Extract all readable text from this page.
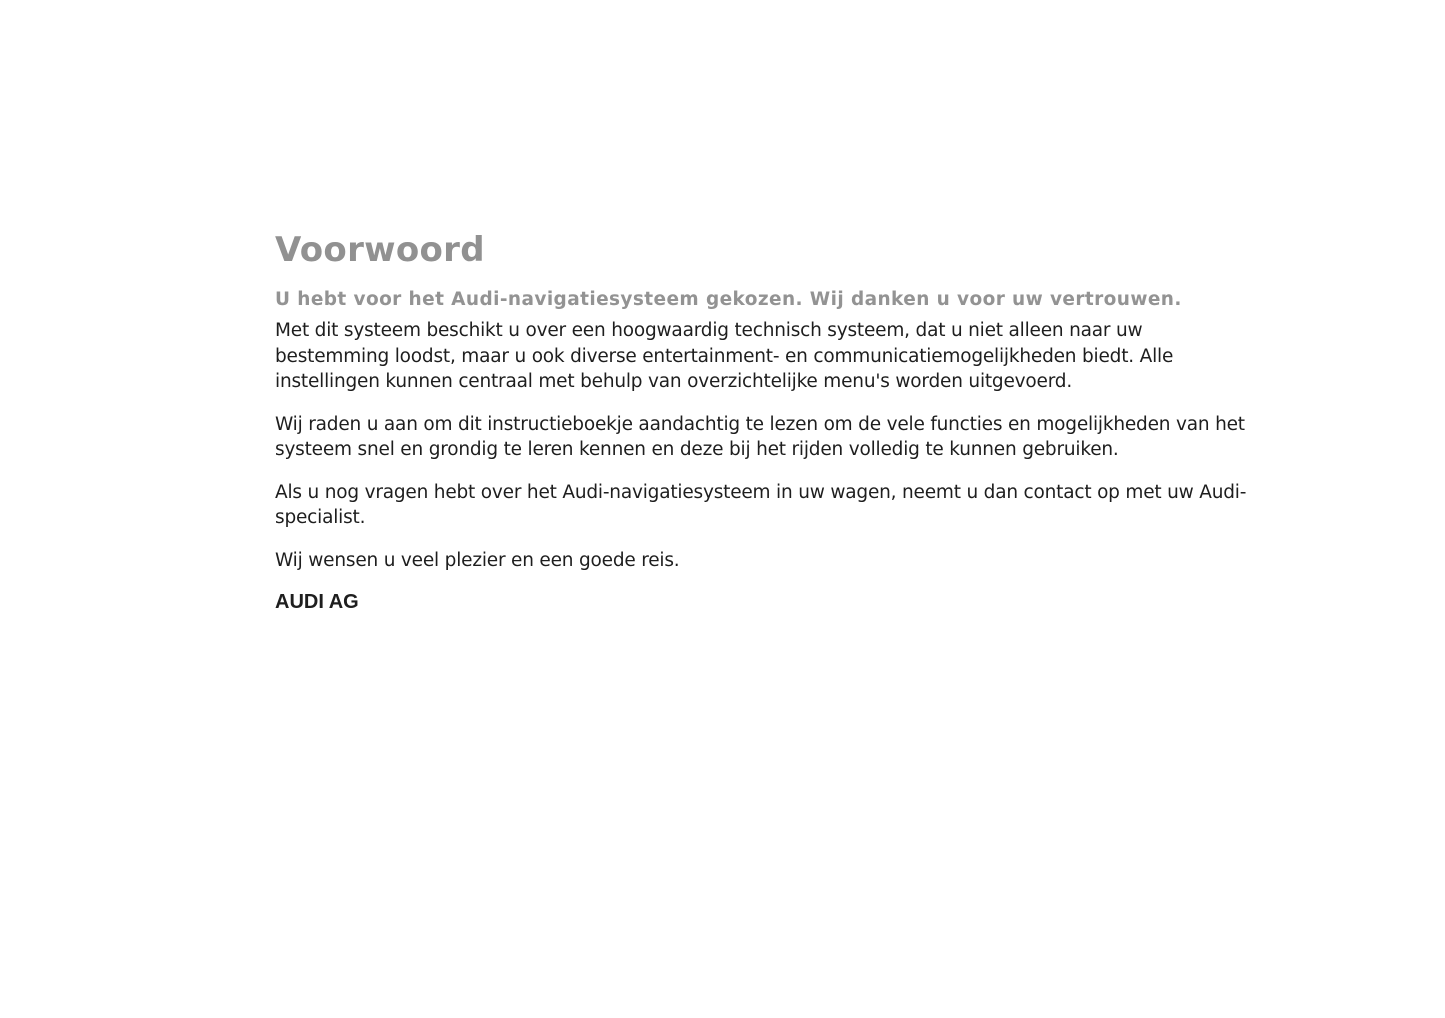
Voorwoord

U hebt voor het Audi-navigatiesysteem gekozen. Wij danken u voor uw vertrouwen.

Met dit systeem beschikt u over een hoogwaardig technisch systeem, dat u niet alleen naar uw bestemming loodst, maar u ook diverse entertainment- en communicatiemogelijkheden biedt. Alle instellingen kunnen centraal met behulp van overzichtelijke menu's worden uitgevoerd.

Wij raden u aan om dit instructieboekje aandachtig te lezen om de vele functies en mogelijkheden van het systeem snel en grondig te leren kennen en deze bij het rijden volledig te kunnen gebruiken.

Als u nog vragen hebt over het Audi-navigatiesysteem in uw wagen, neemt u dan contact op met uw Audi-specialist.

Wij wensen u veel plezier en een goede reis.

AUDI AG
